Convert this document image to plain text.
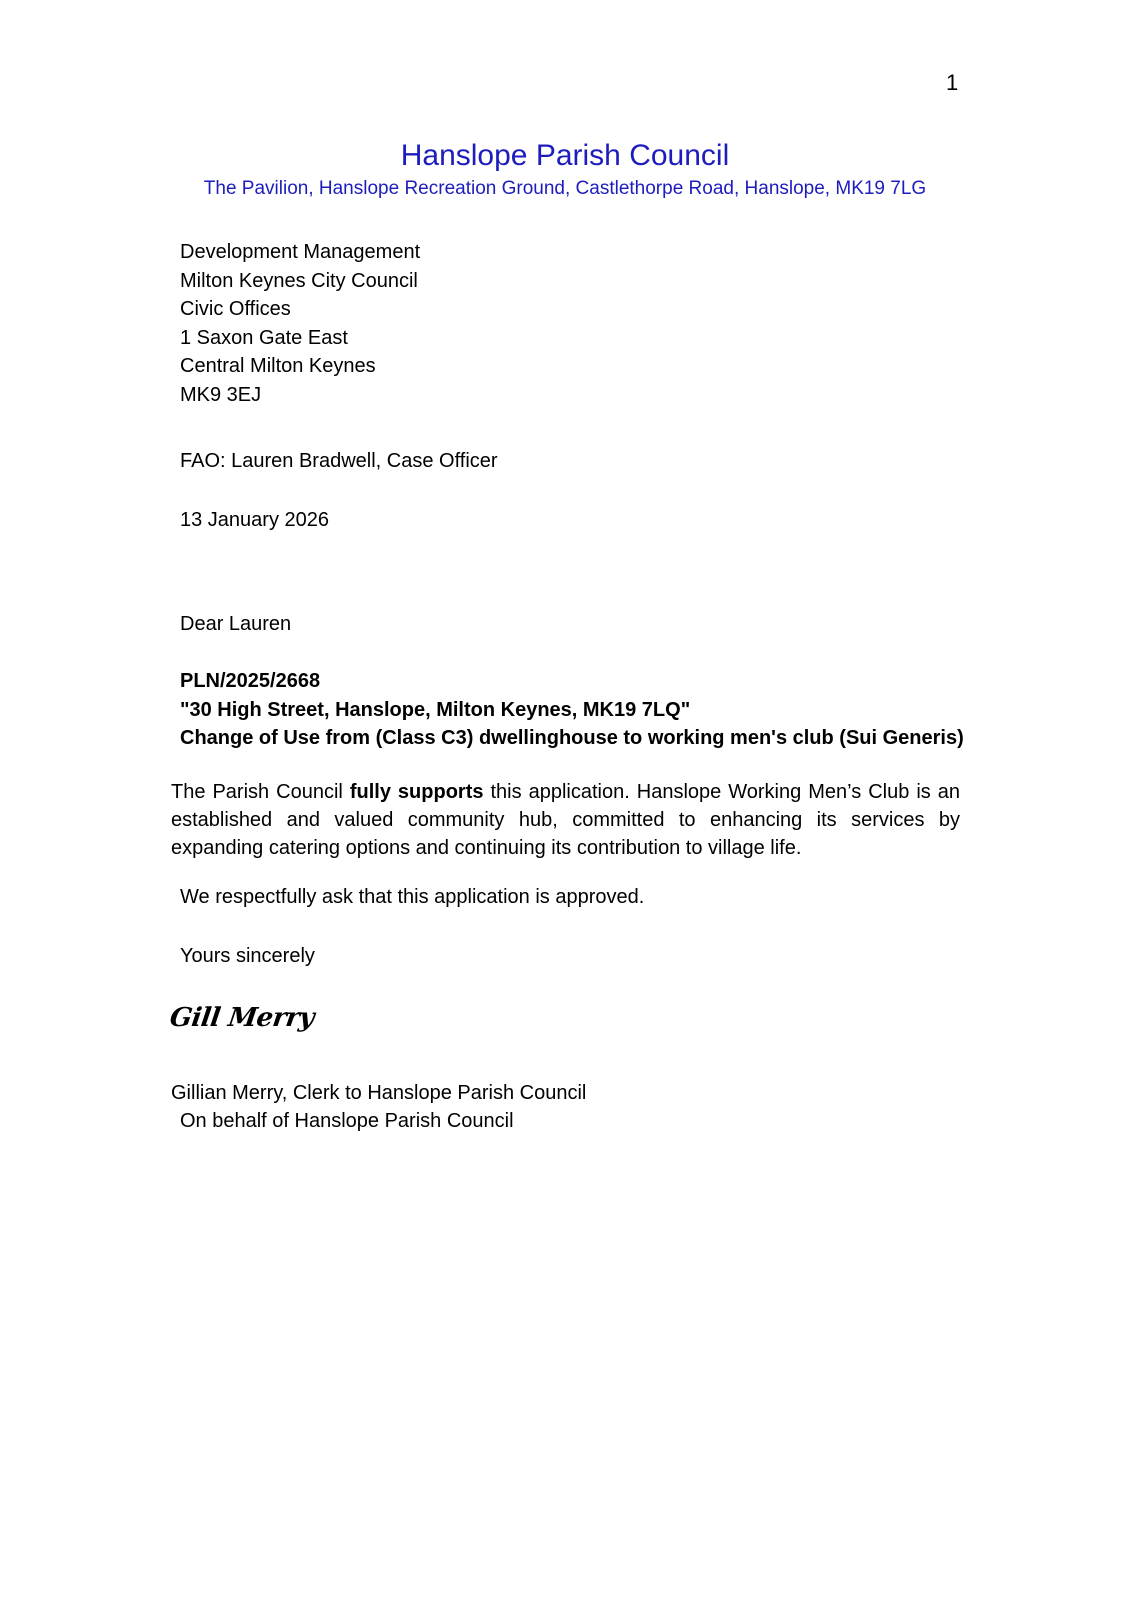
1
Hanslope Parish Council
The Pavilion, Hanslope Recreation Ground, Castlethorpe Road, Hanslope, MK19 7LG
Development Management
Milton Keynes City Council
Civic Offices
1 Saxon Gate East
Central Milton Keynes
MK9 3EJ
FAO: Lauren Bradwell, Case Officer
13 January 2026
Dear Lauren
PLN/2025/2668
"30 High Street, Hanslope, Milton Keynes, MK19 7LQ"
Change of Use from (Class C3) dwellinghouse to working men's club (Sui Generis)
The Parish Council fully supports this application. Hanslope Working Men’s Club is an established and valued community hub, committed to enhancing its services by expanding catering options and continuing its contribution to village life.
We respectfully ask that this application is approved.
Yours sincerely
Gill Merry
Gillian Merry, Clerk to Hanslope Parish Council
On behalf of Hanslope Parish Council
